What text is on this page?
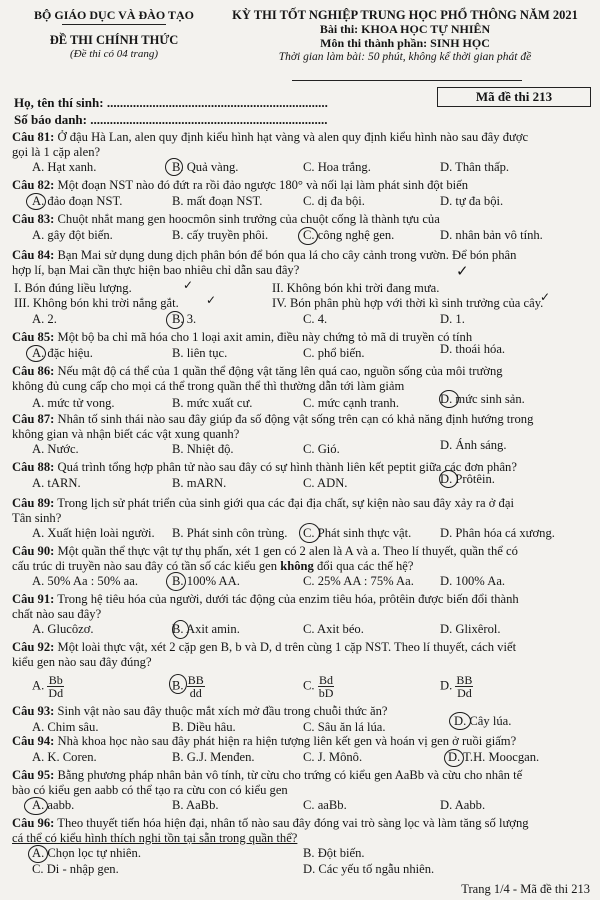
BỘ GIÁO DỤC VÀ ĐÀO TẠO
ĐỀ THI CHÍNH THỨC
(Đề thi có 04 trang)
KỲ THI TỐT NGHIỆP TRUNG HỌC PHỔ THÔNG NĂM 2021
Bài thi: KHOA HỌC TỰ NHIÊN
Môn thi thành phần: SINH HỌC
Thời gian làm bài: 50 phút, không kể thời gian phát đề
Họ, tên thí sinh: ....................................................................
Số báo danh: .........................................................................
Mã đề thi 213
Câu 81: Ở đậu Hà Lan, alen quy định kiểu hình hạt vàng và alen quy định kiểu hình nào sau đây được
gọi là 1 cặp alen?
A. Hạt xanh.	B. Quả vàng.	C. Hoa trắng.	D. Thân thấp.
Câu 82: Một đoạn NST nào đó đứt ra rồi đảo ngược 180° và nối lại làm phát sinh đột biến
A. đảo đoạn NST.	B. mất đoạn NST.	C. dị đa bội.	D. tự đa bội.
Câu 83: Chuột nhắt mang gen hoocmôn sinh trưởng của chuột cống là thành tựu của
A. gây đột biến.	B. cấy truyền phôi.	C. công nghệ gen.	D. nhân bản vô tính.
Câu 84: Bạn Mai sử dụng dung dịch phân bón để bón qua lá cho cây cảnh trong vườn. Để bón phân
hợp lí, bạn Mai cần thực hiện bao nhiêu chỉ dẫn sau đây?
I. Bón đúng liều lượng.	II. Không bón khi trời đang mưa.
III. Không bón khi trời nắng gắt.	IV. Bón phân phù hợp với thời kì sinh trưởng của cây.
A. 2.	B. 3.	C. 4.	D. 1.
✓
✓
✓	✓
Câu 85: Một bộ ba chỉ mã hóa cho 1 loại axit amin, điều này chứng tỏ mã di truyền có tính
A. đặc hiệu.	B. liên tục.	C. phổ biến.	D. thoái hóa.
Câu 86: Nếu mật độ cá thể của 1 quần thể động vật tăng lên quá cao, nguồn sống của môi trường
không đủ cung cấp cho mọi cá thể trong quần thể thì thường dẫn tới làm giảm
A. mức tử vong.	B. mức xuất cư.	C. mức cạnh tranh.	D. mức sinh sản.
Câu 87: Nhân tố sinh thái nào sau đây giúp đa số động vật sống trên cạn có khả năng định hướng trong
không gian và nhận biết các vật xung quanh?
A. Nước.	B. Nhiệt độ.	C. Gió.	D. Ánh sáng.
Câu 88: Quá trình tổng hợp phân tử nào sau đây có sự hình thành liên kết peptit giữa các đơn phân?
A. tARN.	B. mARN.	C. ADN.	D. Prôtêin.
Câu 89: Trong lịch sử phát triển của sinh giới qua các đại địa chất, sự kiện nào sau đây xảy ra ở đại
Tân sinh?
A. Xuất hiện loài người. B. Phát sinh côn trùng. C. Phát sinh thực vật. D. Phân hóa cá xương.
Câu 90: Một quần thể thực vật tự thụ phấn, xét 1 gen có 2 alen là A và a. Theo lí thuyết, quần thể có
cấu trúc di truyền nào sau đây có tần số các kiểu gen không đổi qua các thế hệ?
A. 50% Aa : 50% aa.	B. 100% AA.	C. 25% AA : 75% Aa. D. 100% Aa.
Câu 91: Trong hệ tiêu hóa của người, dưới tác động của enzim tiêu hóa, prôtêin được biến đổi thành
chất nào sau đây?
A. Glucôzơ.	B. Axit amin.	C. Axit béo.	D. Glixêrol.
Câu 92: Một loài thực vật, xét 2 cặp gen B, b và D, d trên cùng 1 cặp NST. Theo lí thuyết, cách viết
kiểu gen nào sau đây đúng?
A. $\frac{Bb}{Dd}$	B. $\frac{BB}{dd}$	C. $\frac{Bd}{bD}$	D. $\frac{BB}{Dd}$
Câu 93: Sinh vật nào sau đây thuộc mắt xích mở đầu trong chuỗi thức ăn?
A. Chim sâu.	B. Diều hâu.	C. Sâu ăn lá lúa.	D. Cây lúa.
Câu 94: Nhà khoa học nào sau đây phát hiện ra hiện tượng liên kết gen và hoán vị gen ở ruồi giấm?
A. K. Coren.	B. G.J. Menđen.	C. J. Mônô.	D. T.H. Moocgan.
Câu 95: Bằng phương pháp nhân bản vô tính, từ cừu cho trứng có kiểu gen AaBb và cừu cho nhân tế
bào có kiểu gen aabb có thể tạo ra cừu con có kiểu gen
A. aabb.	B. AaBb.	C. aaBb.	D. Aabb.
Câu 96: Theo thuyết tiến hóa hiện đại, nhân tố nào sau đây đóng vai trò sàng lọc và làm tăng số lượng
cá thể có kiểu hình thích nghi tồn tại sẵn trong quần thể?
A. Chọn lọc tự nhiên.	B. Đột biến.
C. Di - nhập gen.	D. Các yếu tố ngẫu nhiên.
Trang 1/4 - Mã đề thi 213
